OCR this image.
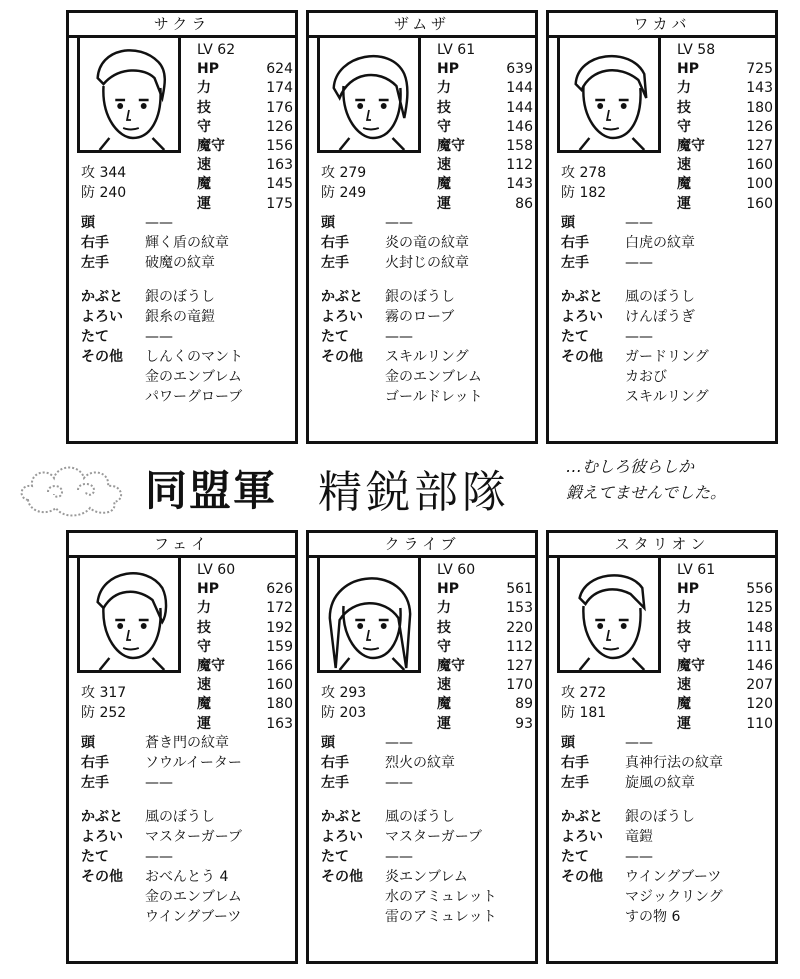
同盟軍 精鋭部隊
…むしろ彼らしか
鍛えてませんでした。
サクラ
LV 62
HP	624
力	174
技	176
守	126
魔守	156
速	163
魔	145
運	175
攻 344
防 240
頭	——
右手	輝く盾の紋章
左手	破魔の紋章
かぶと	銀のぼうし
よろい	銀糸の竜鎧
たて	——
その他	しんくのマント
金のエンブレム
パワーグローブ
ザムザ
LV 61
HP	639
力	144
技	144
守	146
魔守	158
速	112
魔	143
運	86
攻 279
防 249
頭	——
右手	炎の竜の紋章
左手	火封じの紋章
かぶと	銀のぼうし
よろい	霧のローブ
たて	——
その他	スキルリング
金のエンブレム
ゴールドレット
ワカバ
LV 58
HP	725
力	143
技	180
守	126
魔守	127
速	160
魔	100
運	160
攻 278
防 182
頭	——
右手	白虎の紋章
左手	——
かぶと	風のぼうし
よろい	けんぽうぎ
たて	——
その他	ガードリング
カおび
スキルリング
フェイ
LV 60
HP	626
力	172
技	192
守	159
魔守	166
速	160
魔	180
運	163
攻 317
防 252
頭	蒼き門の紋章
右手	ソウルイーター
左手	——
かぶと	風のぼうし
よろい	マスターガーブ
たて	——
その他	おべんとう 4
金のエンブレム
ウイングブーツ
クライブ
LV 60
HP	561
力	153
技	220
守	112
魔守	127
速	170
魔	89
運	93
攻 293
防 203
頭	——
右手	烈火の紋章
左手	——
かぶと	風のぼうし
よろい	マスターガーブ
たて	——
その他	炎エンブレム
水のアミュレット
雷のアミュレット
スタリオン
LV 61
HP	556
力	125
技	148
守	111
魔守	146
速	207
魔	120
運	110
攻 272
防 181
頭	——
右手	真神行法の紋章
左手	旋風の紋章
かぶと	銀のぼうし
よろい	竜鎧
たて	——
その他	ウイングブーツ
マジックリング
すの物 6
